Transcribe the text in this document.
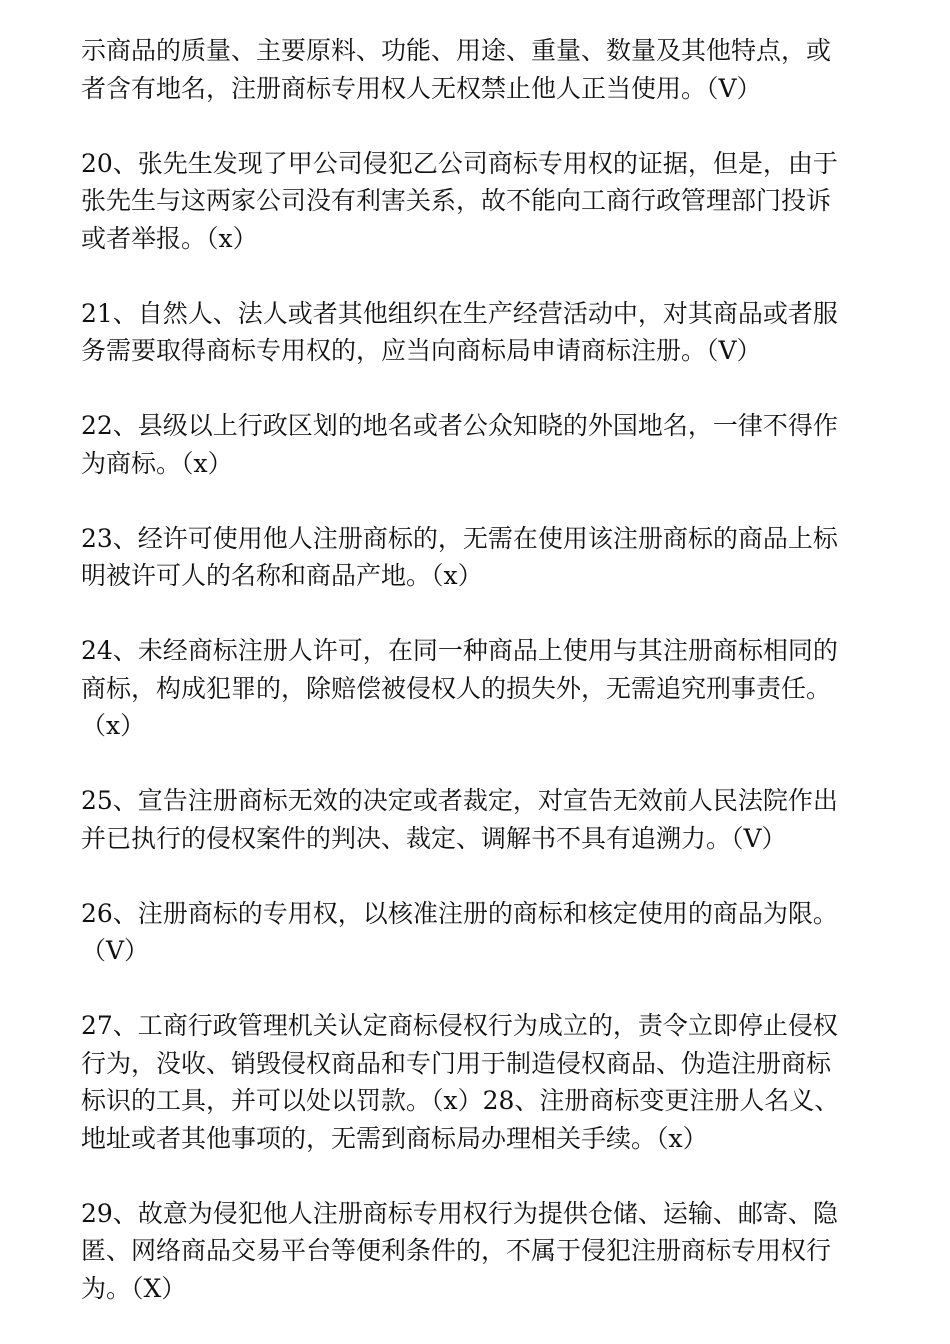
示商品的质量、主要原料、功能、用途、重量、数量及其他特点，或
者含有地名，注册商标专用权人无权禁止他人正当使用。（V）

20、张先生发现了甲公司侵犯乙公司商标专用权的证据，但是，由于
张先生与这两家公司没有利害关系，故不能向工商行政管理部门投诉
或者举报。（x）

21、自然人、法人或者其他组织在生产经营活动中，对其商品或者服
务需要取得商标专用权的，应当向商标局申请商标注册。（V）

22、县级以上行政区划的地名或者公众知晓的外国地名，一律不得作
为商标。（x）

23、经许可使用他人注册商标的，无需在使用该注册商标的商品上标
明被许可人的名称和商品产地。（x）

24、未经商标注册人许可，在同一种商品上使用与其注册商标相同的
商标，构成犯罪的，除赔偿被侵权人的损失外，无需追究刑事责任。
（x）

25、宣告注册商标无效的决定或者裁定，对宣告无效前人民法院作出
并已执行的侵权案件的判决、裁定、调解书不具有追溯力。（V）

26、注册商标的专用权，以核准注册的商标和核定使用的商品为限。
（V）

27、工商行政管理机关认定商标侵权行为成立的，责令立即停止侵权
行为，没收、销毁侵权商品和专门用于制造侵权商品、伪造注册商标
标识的工具，并可以处以罚款。（x）28、注册商标变更注册人名义、
地址或者其他事项的，无需到商标局办理相关手续。（x）

29、故意为侵犯他人注册商标专用权行为提供仓储、运输、邮寄、隐
匿、网络商品交易平台等便利条件的，不属于侵犯注册商标专用权行
为。（X）
